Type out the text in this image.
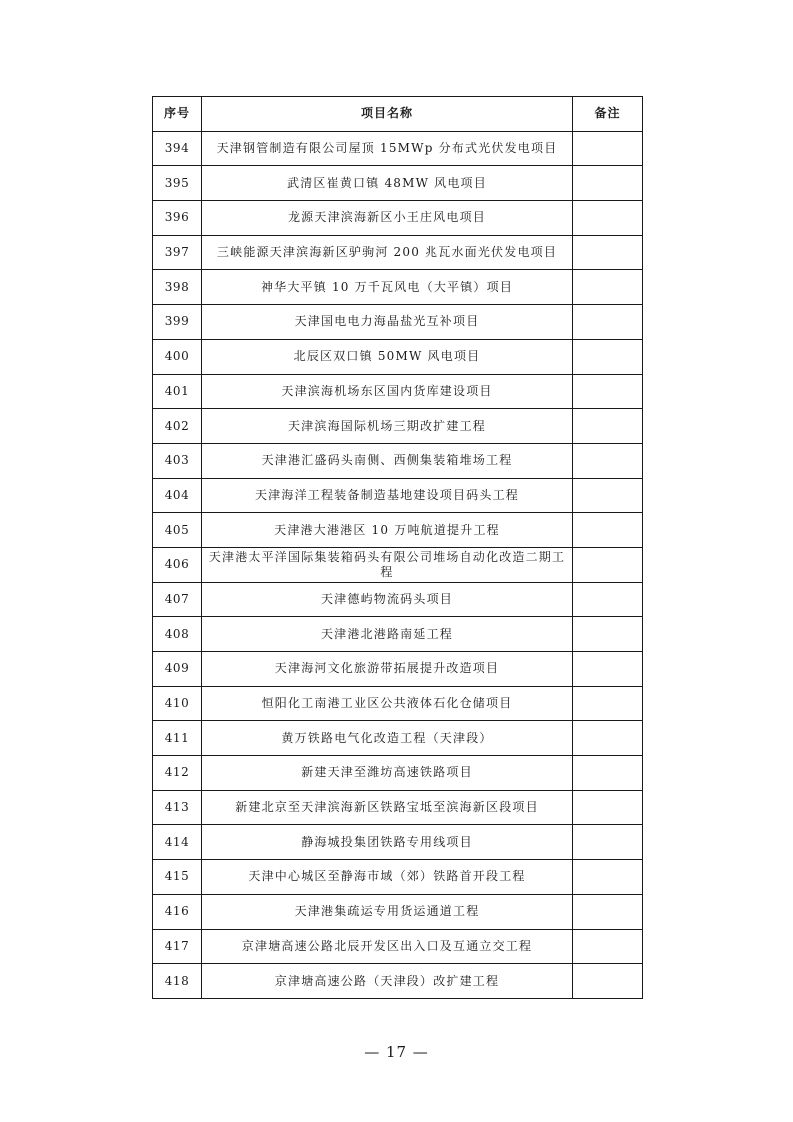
序号	项目名称	备注
394	天津钢管制造有限公司屋顶 15MWp 分布式光伏发电项目	
395	武清区崔黄口镇 48MW 风电项目	
396	龙源天津滨海新区小王庄风电项目	
397	三峡能源天津滨海新区驴驹河 200 兆瓦水面光伏发电项目	
398	神华大平镇 10 万千瓦风电（大平镇）项目	
399	天津国电电力海晶盐光互补项目	
400	北辰区双口镇 50MW 风电项目	
401	天津滨海机场东区国内货库建设项目	
402	天津滨海国际机场三期改扩建工程	
403	天津港汇盛码头南侧、西侧集装箱堆场工程	
404	天津海洋工程装备制造基地建设项目码头工程	
405	天津港大港港区 10 万吨航道提升工程	
406	天津港太平洋国际集装箱码头有限公司堆场自动化改造二期工程	
407	天津德屿物流码头项目	
408	天津港北港路南延工程	
409	天津海河文化旅游带拓展提升改造项目	
410	恒阳化工南港工业区公共液体石化仓储项目	
411	黄万铁路电气化改造工程（天津段）	
412	新建天津至潍坊高速铁路项目	
413	新建北京至天津滨海新区铁路宝坻至滨海新区段项目	
414	静海城投集团铁路专用线项目	
415	天津中心城区至静海市域（郊）铁路首开段工程	
416	天津港集疏运专用货运通道工程	
417	京津塘高速公路北辰开发区出入口及互通立交工程	
418	京津塘高速公路（天津段）改扩建工程	
— 17 —
